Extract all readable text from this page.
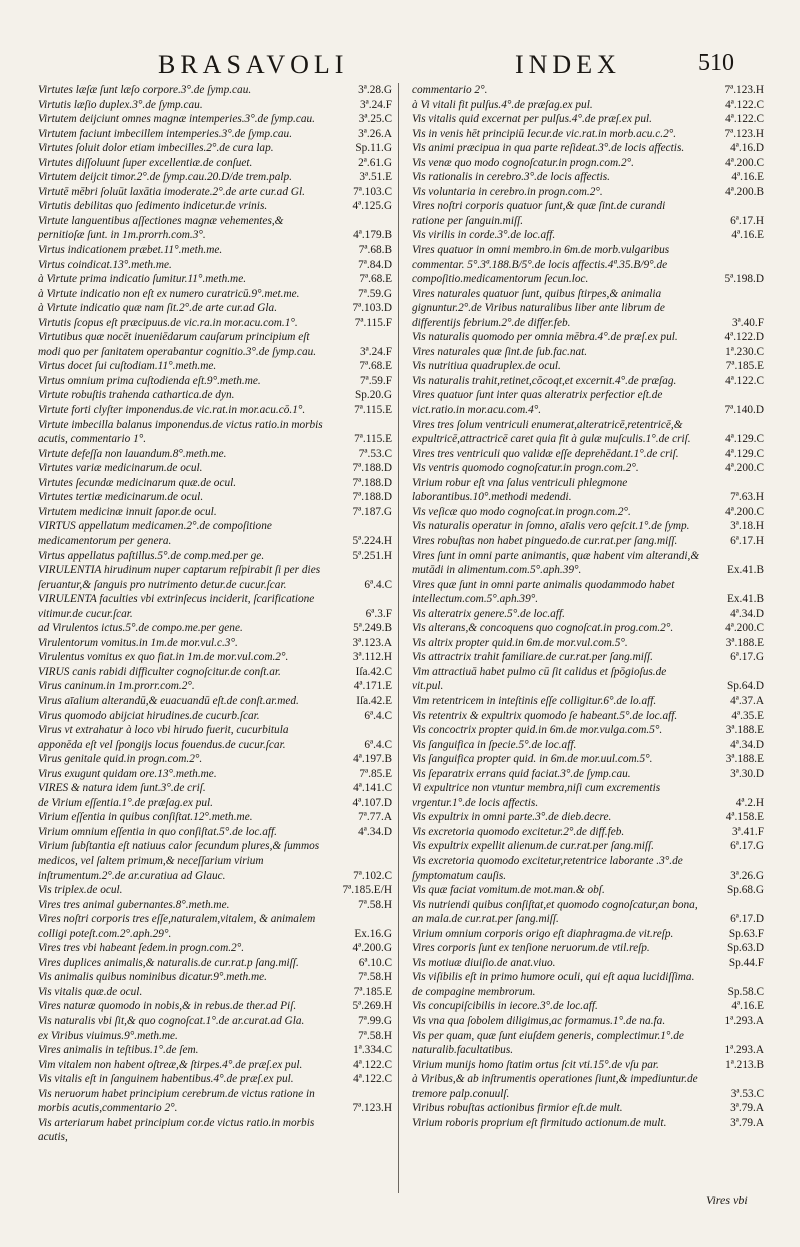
BRASAVOLI	INDEX	510
Virtutes læſæ ſunt læſo corpore.3°.de ſymp.cau.	3ª.28.G
Virtutis læſio duplex.3°.de ſymp.cau.	3ª.24.F
Virtutem deijciunt omnes magnæ intemperies.3°.de ſymp.cau.	3ª.25.C
Virtutem faciunt imbecillem intemperies.3°.de ſymp.cau.	3ª.26.A
Virtutes ſoluit dolor etiam imbecilles.2°.de cura lap.	Sp.11.G
Virtutes diſſoluunt ſuper excellentiæ.de conſuet.	2ª.61.G
Virtutem deijcit timor.2°.de ſymp.cau.20.D/de trem.palp.	3ª.51.E
Virtutē mēbri ſoluūt laxātia imoderate.2°.de arte cur.ad Gl.	7ª.103.C
Virtutis debilitas quo ſedimento indicetur.de vrinis.	4ª.125.G
Virtute languentibus aſſectiones magnæ vehementes,& pernitioſæ ſunt. in 1m.prorrh.com.3°.	4ª.179.B
Virtus indicationem præbet.11°.meth.me.	7ª.68.B
Virtus coindicat.13°.meth.me.	7ª.84.D
à Virtute prima indicatio ſumitur.11°.meth.me.	7ª.68.E
à Virtute indicatio non eſt ex numero curatricū.9°.met.me.	7ª.59.G
à Virtute indicatio quæ nam ſit.2°.de arte cur.ad Gla.	7ª.103.D
Virtutis ſcopus eſt præcipuus.de vic.ra.in mor.acu.com.1°.	7ª.115.F
Virtutibus quæ nocēt inueniēdarum cauſarum principium eſt modi quo per ſanitatem operabantur cognitio.3°.de ſymp.cau.	3ª.24.F
Virtus docet ſui cuſtodiam.11°.meth.me.	7ª.68.E
Virtus omnium prima cuſtodienda eſt.9°.meth.me.	7ª.59.F
Virtute robuſtis trahenda cathartica.de dyn.	Sp.20.G
Virtute forti clyſter imponendus.de vic.rat.in mor.acu.cō.1°.	7ª.115.E
Virtute imbecilla balanus imponendus.de victus ratio.in morbis acutis, commentario 1°.	7ª.115.E
Virtute defeſſa non lauandum.8°.meth.me.	7ª.53.C
Virtutes variæ medicinarum.de ocul.	7ª.188.D
Virtutes ſecundæ medicinarum quæ.de ocul.	7ª.188.D
Virtutes tertiæ medicinarum.de ocul.	7ª.188.D
Virtutem medicinæ innuit ſapor.de ocul.	7ª.187.G
VIRTUS appellatum medicamen.2°.de compoſitione medicamentorum per genera.	5ª.224.H
Virtus appellatus paſtillus.5°.de comp.med.per ge.	5ª.251.H
VIRULENTIA hirudinum nuper captarum reſpirabit ſi per dies ſeruantur,& ſanguis pro nutrimento detur.de cucur.ſcar.	6ª.4.C
VIRULENTA faculties vbi extrinſecus inciderit, ſcarificatione vitimur.de cucur.ſcar.	6ª.3.F
ad Virulentos ictus.5°.de compo.me.per gene.	5ª.249.B
Virulentorum vomitus.in 1m.de mor.vul.c.3°.	3ª.123.A
Virulentus vomitus ex quo fiat.in 1m.de mor.vul.com.2°.	3ª.112.H
VIRUS canis rabidi difficulter cognoſcitur.de conſt.ar.	Iſa.42.C
Virus caninum.in 1m.prorr.com.2°.	4ª.171.E
Virus aīalium alterandū,& euacuandū eſt.de conſt.ar.med.	Iſa.42.E
Virus quomodo abijciat hirudines.de cucurb.ſcar.	6ª.4.C
Virus vt extrahatur à loco vbi hirudo fuerit, cucurbitula apponēda eſt vel ſpongijs locus fouendus.de cucur.ſcar.	6ª.4.C
Virus genitale quid.in progn.com.2°.	4ª.197.B
Virus exugunt quidam ore.13°.meth.me.	7ª.85.E
VIRES & natura idem ſunt.3°.de criſ.	4ª.141.C
de Virium eſſentia.1°.de præſag.ex pul.	4ª.107.D
Virium eſſentia in quibus conſiſtat.12°.meth.me.	7ª.77.A
Virium omnium eſſentia in quo conſiſtat.5°.de loc.aff.	4ª.34.D
Virium ſubſtantia eſt natiuus calor ſecundum plures,& ſummos medicos, vel ſaltem primum,& neceſſarium virium inſtrumentum.2°.de ar.curatiua ad Glauc.	7ª.102.C
Vis triplex.de ocul.	7ª.185.E/H
Vires tres animal gubernantes.8°.meth.me.	7ª.58.H
Vires noſtri corporis tres eſſe,naturalem,vitalem, & animalem colligi poteſt.com.2°.aph.29°.	Ex.16.G
Vires tres vbi habeant ſedem.in progn.com.2°.	4ª.200.G
Vires duplices animalis,& naturalis.de cur.rat.p ſang.miſſ.	6ª.10.C
Vis animalis quibus nominibus dicatur.9°.meth.me.	7ª.58.H
Vis vitalis quæ.de ocul.	7ª.185.E
Vires naturæ quomodo in nobis,& in rebus.de ther.ad Piſ.	5ª.269.H
Vis naturalis vbi ſit,& quo cognoſcat.1°.de ar.curat.ad Gla.	7ª.99.G
ex Viribus viuimus.9°.meth.me.	7ª.58.H
Vires animalis in teſtibus.1°.de ſem.	1ª.334.C
Vim vitalem non habent oſtreæ,& ſtirpes.4°.de præſ.ex pul.	4ª.122.C
Vis vitalis eſt in ſanguinem habentibus.4°.de præſ.ex pul.	4ª.122.C
Vis neruorum habet principium cerebrum.de victus ratione in morbis acutis,commentario 2°.	7ª.123.H
Vis arteriarum habet principium cor.de victus ratio.in morbis acutis,
commentario 2°.	7ª.123.H
à Vi vitali fit pulſus.4°.de præſag.ex pul.	4ª.122.C
Vis vitalis quid excernat per pulſus.4°.de præſ.ex pul.	4ª.122.C
Vis in venis hēt principiū Iecur.de vic.rat.in morb.acu.c.2°.	7ª.123.H
Vis animi præcipua in qua parte reſideat.3°.de locis affectis.	4ª.16.D
Vis venæ quo modo cognoſcatur.in progn.com.2°.	4ª.200.C
Vis rationalis in cerebro.3°.de locis affectis.	4ª.16.E
Vis voluntaria in cerebro.in progn.com.2°.	4ª.200.B
Vires noſtri corporis quatuor ſunt,& quæ ſint.de curandi ratione per ſanguin.miſſ.	6ª.17.H
Vis virilis in corde.3°.de loc.aff.	4ª.16.E
Vires quatuor in omni membro.in 6m.de morb.vulgaribus commentar. 5°.3ª.188.B/5°.de locis affectis.4ª.35.B/9°.de compoſitio.medicamentorum ſecun.loc.	5ª.198.D
Vires naturales quatuor ſunt, quibus ſtirpes,& animalia gignuntur.2°.de Viribus naturalibus liber ante librum de differentijs febrium.2°.de differ.feb.	3ª.40.F
Vis naturalis quomodo per omnia mēbra.4°.de præſ.ex pul.	4ª.122.D
Vires naturales quæ ſint.de ſub.fac.nat.	1ª.230.C
Vis nutritiua quadruplex.de ocul.	7ª.185.E
Vis naturalis trahit,retinet,cōcoqt,et excernit.4°.de præſag.	4ª.122.C
Vires quatuor ſunt inter quas alteratrix perfectior eſt.de vict.ratio.in mor.acu.com.4°.	7ª.140.D
Vires tres ſolum ventriculi enumerat,alteratricē,retentricē,& expultricē,attractricē caret quia fit à gulæ muſculis.1°.de criſ.	4ª.129.C
Vires tres ventriculi quo validæ eſſe deprehēdant.1°.de criſ.	4ª.129.C
Vis ventris quomodo cognoſcatur.in progn.com.2°.	4ª.200.C
Virium robur eſt vna ſalus ventriculi phlegmone laborantibus.10°.methodi medendi.	7ª.63.H
Vis veſicæ quo modo cognoſcat.in progn.com.2°.	4ª.200.C
Vis naturalis operatur in ſomno, aīalis vero qeſcit.1°.de ſymp.	3ª.18.H
Vires robuſtas non habet pinguedo.de cur.rat.per ſang.miſſ.	6ª.17.H
Vires ſunt in omni parte animantis, quæ habent vim alterandi,& mutādi in alimentum.com.5°.aph.39°.	Ex.41.B
Vires quæ ſunt in omni parte animalis quodammodo habet intellectum.com.5°.aph.39°.	Ex.41.B
Vis alteratrix genere.5°.de loc.aff.	4ª.34.D
Vis alterans,& concoquens quo cognoſcat.in prog.com.2°.	4ª.200.C
Vis altrix propter quid.in 6m.de mor.vul.com.5°.	3ª.188.E
Vis attractrix trahit familiare.de cur.rat.per ſang.miſſ.	6ª.17.G
Vim attractiuā habet pulmo cū ſit calidus et ſpōgioſus.de vit.pul.	Sp.64.D
Vim retentricem in inteſtinis eſſe colligitur.6°.de lo.aff.	4ª.37.A
Vis retentrix & expultrix quomodo ſe habeant.5°.de loc.aff.	4ª.35.E
Vis concoctrix propter quid.in 6m.de mor.vulga.com.5°.	3ª.188.E
Vis ſanguifica in ſpecie.5°.de loc.aff.	4ª.34.D
Vis ſanguifica propter quid. in 6m.de mor.uul.com.5°.	3ª.188.E
Vis ſeparatrix errans quid faciat.3°.de ſymp.cau.	3ª.30.D
Vi expultrice non vtuntur membra,niſi cum excrementis vrgentur.1°.de locis affectis.	4ª.2.H
Vis expultrix in omni parte.3°.de dieb.decre.	4ª.158.E
Vis excretoria quomodo excitetur.2°.de diff.feb.	3ª.41.F
Vis expultrix expellit alienum.de cur.rat.per ſang.miſſ.	6ª.17.G
Vis excretoria quomodo excitetur,retentrice laborante .3°.de ſymptomatum cauſis.	3ª.26.G
Vis quæ faciat vomitum.de mot.man.& obſ.	Sp.68.G
Vis nutriendi quibus conſiſtat,et quomodo cognoſcatur,an bona, an mala.de cur.rat.per ſang.miſſ.	6ª.17.D
Virium omnium corporis origo eſt diaphragma.de vit.reſp.	Sp.63.F
Vires corporis ſunt ex tenſione neruorum.de vtil.reſp.	Sp.63.D
Vis motiuæ diuiſio.de anat.viuo.	Sp.44.F
Vis viſibilis eſt in primo humore oculi, qui eſt aqua lucidiſſima. de compagine membrorum.	Sp.58.C
Vis concupiſcibilis in iecore.3°.de loc.aff.	4ª.16.E
Vis vna qua ſobolem diligimus,ac formamus.1°.de na.fa.	1ª.293.A
Vis per quam, quæ ſunt eiuſdem generis, complectimur.1°.de naturalib.facultatibus.	1ª.293.A
Virium munijs homo ſtatim ortus ſcit vti.15°.de vſu par.	1ª.213.B
à Viribus,& ab inſtrumentis operationes ſiunt,& impediuntur.de tremore palp.conuulſ.	3ª.53.C
Viribus robuſtas actionibus firmior eſt.de mult.	3ª.79.A
Virium roboris proprium eſt firmitudo actionum.de mult.	3ª.79.A
Vires vbi
